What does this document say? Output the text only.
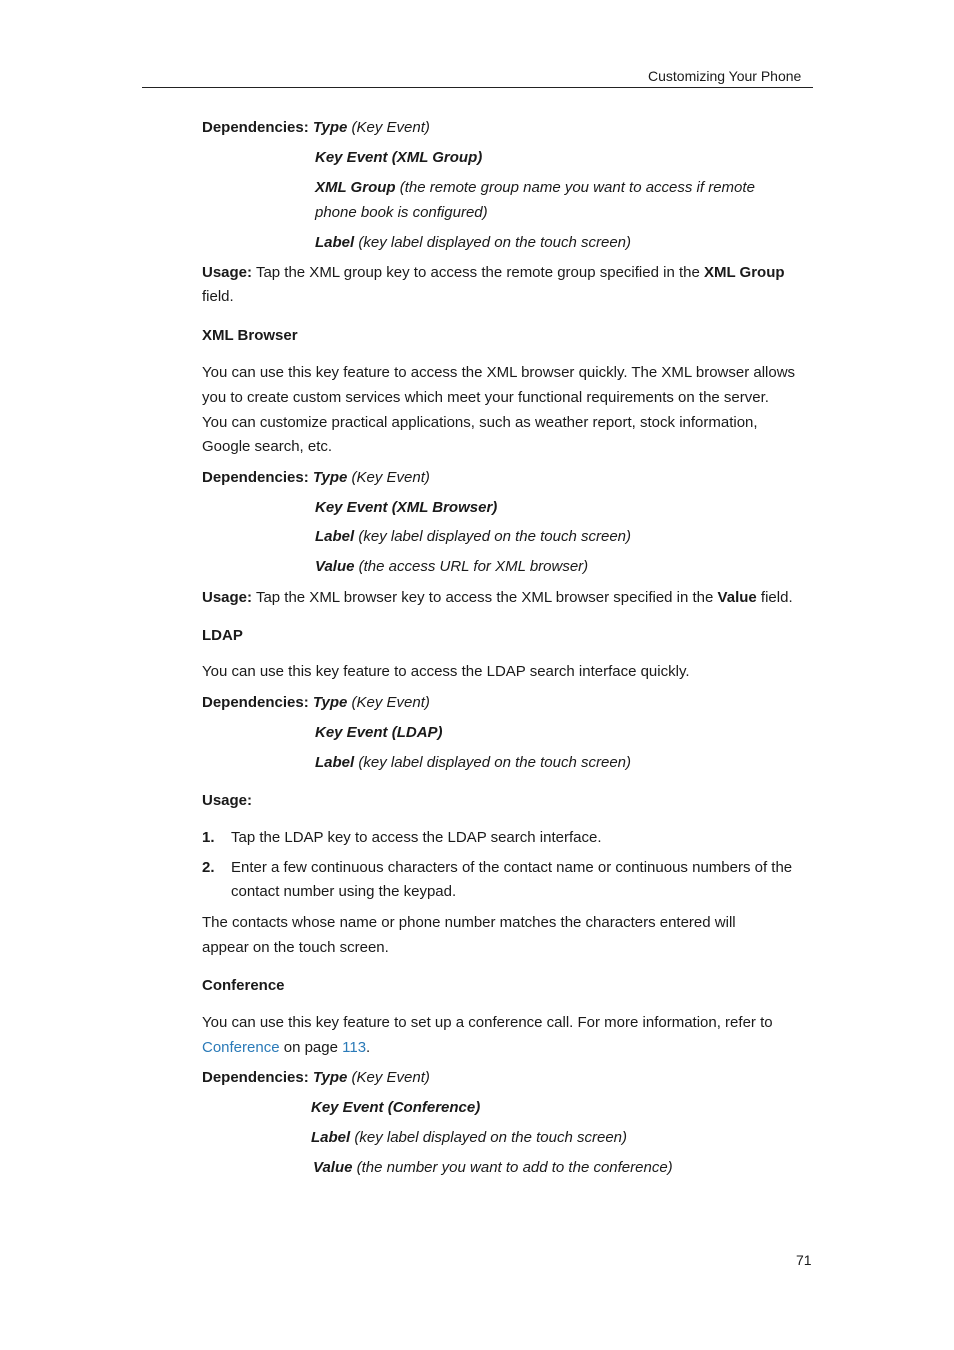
Customizing Your Phone
Dependencies: Type (Key Event)
Key Event (XML Group)
XML Group (the remote group name you want to access if remote
phone book is configured)
Label (key label displayed on the touch screen)
Usage: Tap the XML group key to access the remote group specified in the XML Group
field.
XML Browser
You can use this key feature to access the XML browser quickly. The XML browser allows
you to create custom services which meet your functional requirements on the server.
You can customize practical applications, such as weather report, stock information,
Google search, etc.
Dependencies: Type (Key Event)
Key Event (XML Browser)
Label (key label displayed on the touch screen)
Value (the access URL for XML browser)
Usage: Tap the XML browser key to access the XML browser specified in the Value field.
LDAP
You can use this key feature to access the LDAP search interface quickly.
Dependencies: Type (Key Event)
Key Event (LDAP)
Label (key label displayed on the touch screen)
Usage:
1. Tap the LDAP key to access the LDAP search interface.
2. Enter a few continuous characters of the contact name or continuous numbers of the
contact number using the keypad.
The contacts whose name or phone number matches the characters entered will
appear on the touch screen.
Conference
You can use this key feature to set up a conference call. For more information, refer to
Conference on page 113.
Dependencies: Type (Key Event)
Key Event (Conference)
Label (key label displayed on the touch screen)
Value (the number you want to add to the conference)
71
